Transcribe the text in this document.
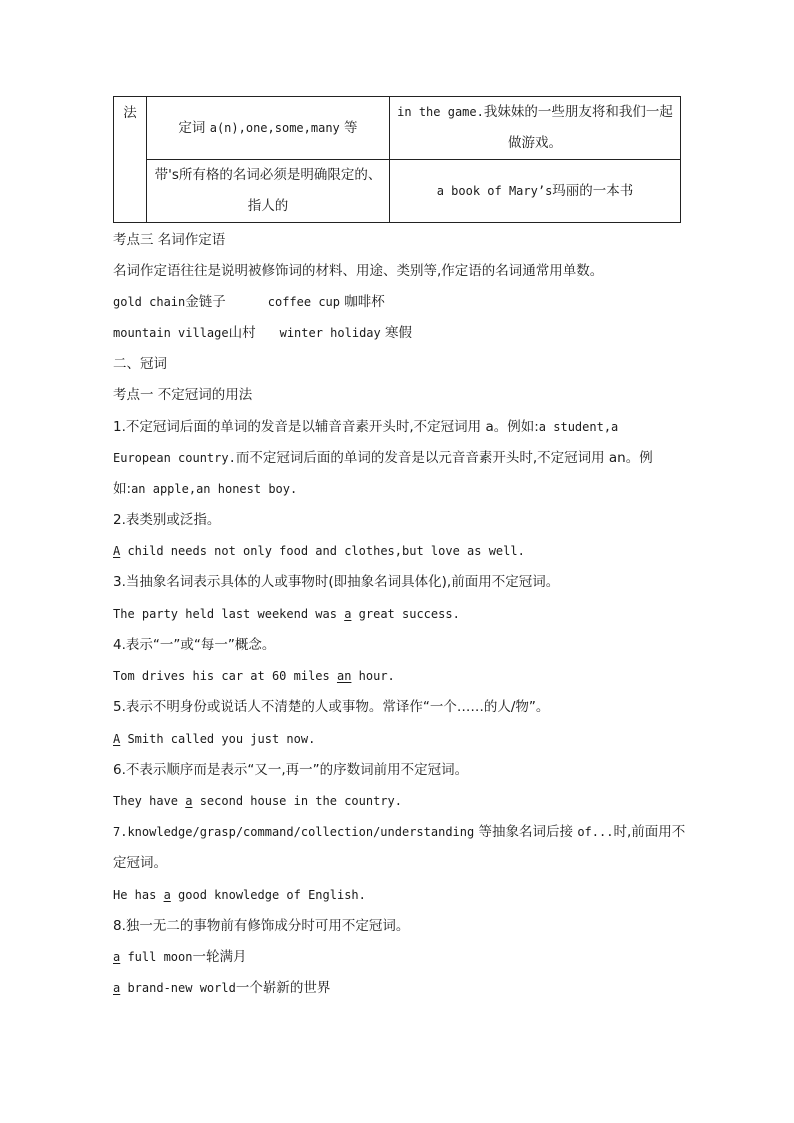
法	定词 a(n),one,some,many 等	in the game.我妹妹的一些朋友将和我们一起
做游戏。
	带's所有格的名词必须是明确限定的、
指人的	a book of Mary’s玛丽的一本书
考点三 名词作定语
名词作定语往往是说明被修饰词的材料、用途、类别等,作定语的名词通常用单数。
gold chain金链子	coffee cup 咖啡杯
mountain village山村 winter holiday 寒假
二、冠词
考点一 不定冠词的用法
1.不定冠词后面的单词的发音是以辅音音素开头时,不定冠词用 a。例如:a student,a
European country.而不定冠词后面的单词的发音是以元音音素开头时,不定冠词用 an。例
如:an apple,an honest boy.
2.表类别或泛指。
A child needs not only food and clothes,but love as well.
3.当抽象名词表示具体的人或事物时(即抽象名词具体化),前面用不定冠词。
The party held last weekend was a great success.
4.表示“一”或“每一”概念。
Tom drives his car at 60 miles an hour.
5.表示不明身份或说话人不清楚的人或事物。常译作“一个……的人/物”。
A Smith called you just now.
6.不表示顺序而是表示“又一,再一”的序数词前用不定冠词。
They have a second house in the country.
7.knowledge/grasp/command/collection/understanding 等抽象名词后接 of...时,前面用不
定冠词。
He has a good knowledge of English.
8.独一无二的事物前有修饰成分时可用不定冠词。
a full moon一轮满月
a brand-new world一个崭新的世界
